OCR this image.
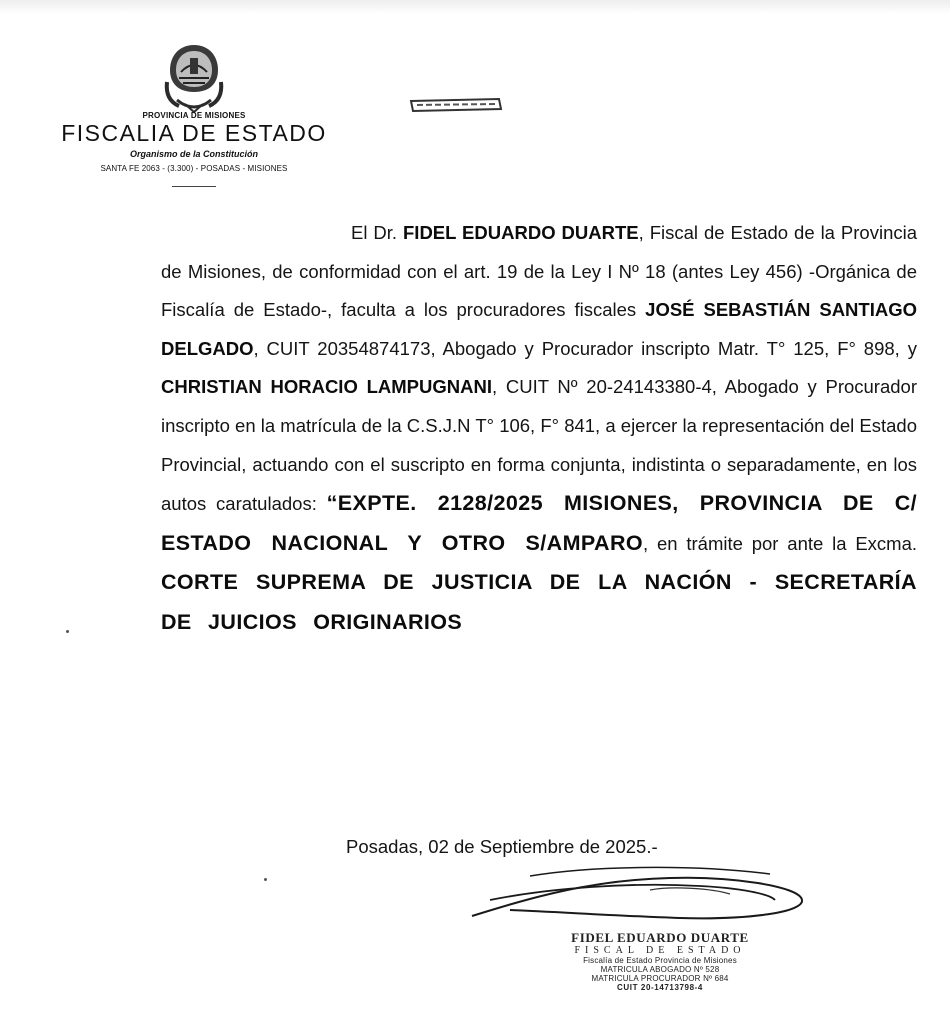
PROVINCIA DE MISIONES
FISCALIA DE ESTADO
Organismo de la Constitución
SANTA FE 2063 - (3.300) - POSADAS - MISIONES
El Dr. FIDEL EDUARDO DUARTE, Fiscal de Estado de la Provincia de Misiones, de conformidad con el art. 19 de la Ley I Nº 18 (antes Ley 456) -Orgánica de Fiscalía de Estado-, faculta a los procuradores fiscales JOSÉ SEBASTIÁN SANTIAGO DELGADO, CUIT 20354874173, Abogado y Procurador inscripto Matr. T° 125, F° 898, y CHRISTIAN HORACIO LAMPUGNANI, CUIT Nº 20-24143380-4, Abogado y Procurador inscripto en la matrícula de la C.S.J.N T° 106, F° 841, a ejercer la representación del Estado Provincial, actuando con el suscripto en forma conjunta, indistinta o separadamente, en los autos caratulados: “EXPTE. 2128/2025 MISIONES, PROVINCIA DE C/ ESTADO NACIONAL Y OTRO S/AMPARO, en trámite por ante la Excma. CORTE SUPREMA DE JUSTICIA DE LA NACIÓN - SECRETARÍA DE JUICIOS ORIGINARIOS
Posadas, 02 de Septiembre de 2025.-
FIDEL EDUARDO DUARTE
FISCAL DE ESTADO
Fiscalía de Estado Provincia de Misiones
MATRICULA ABOGADO Nº 528
MATRICULA PROCURADOR Nº 684
CUIT 20-14713798-4
